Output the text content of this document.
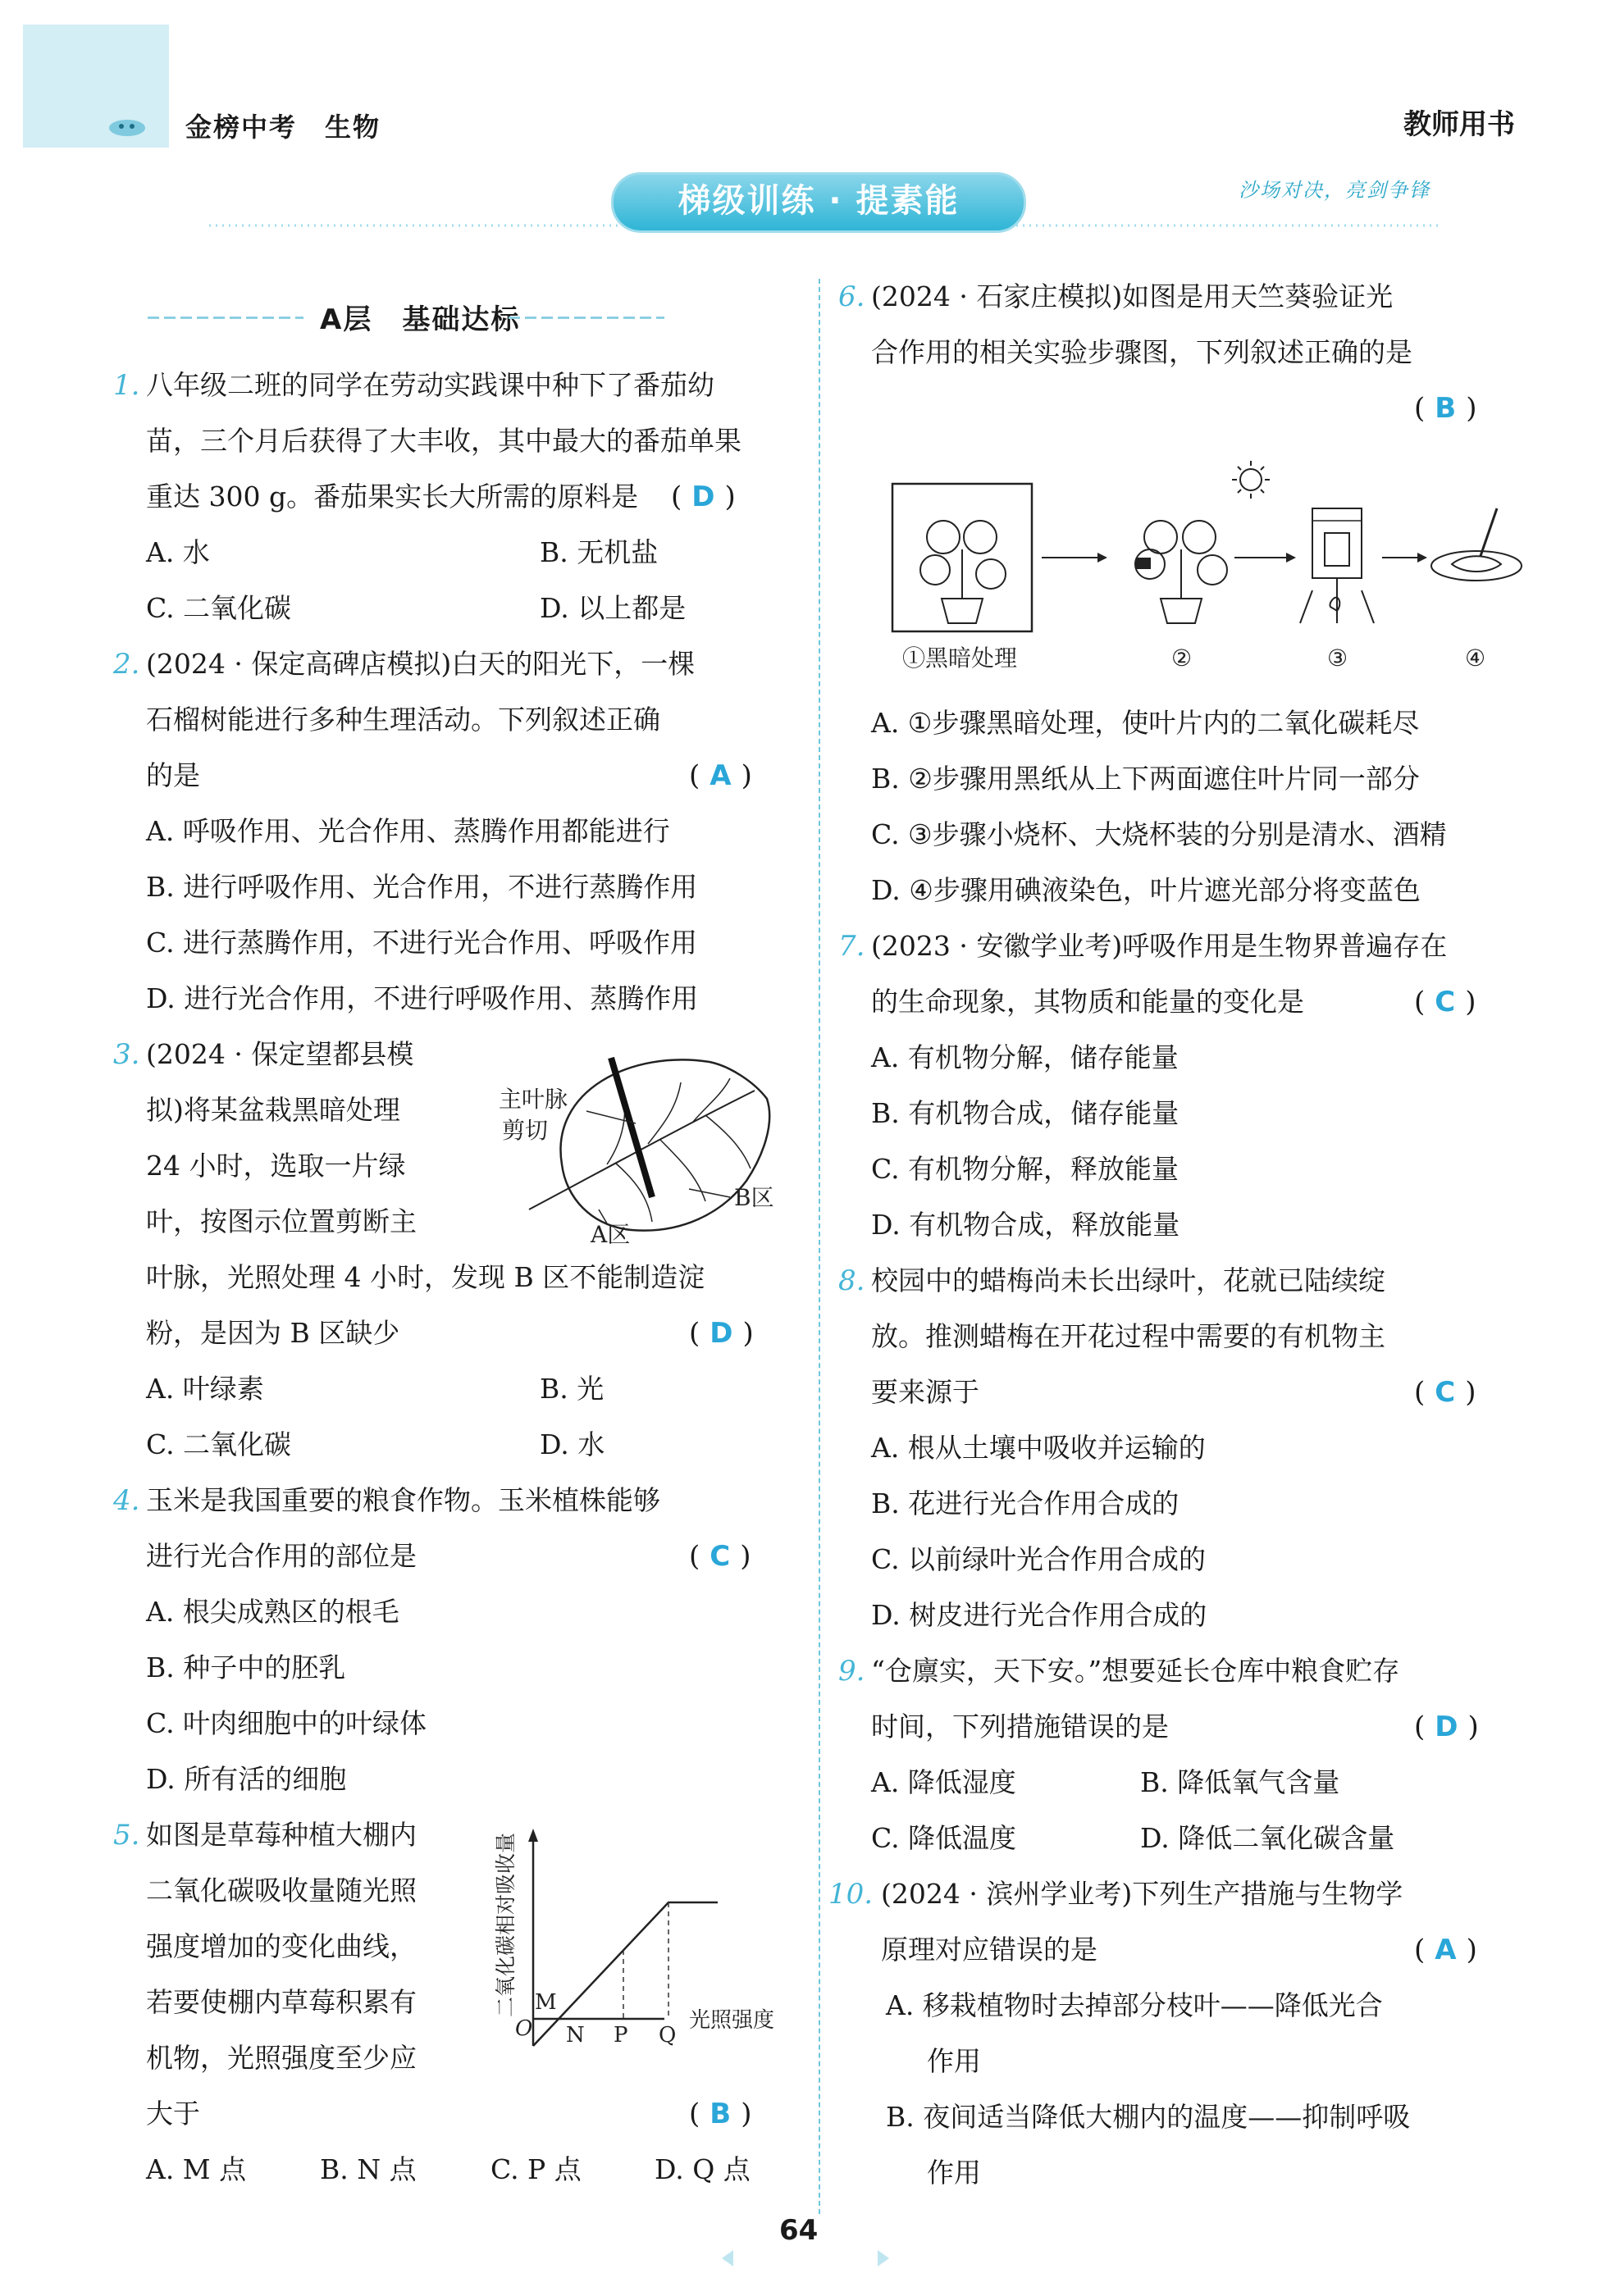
金榜中考　生物	教师用书
梯级训练 · 提素能	沙场对决，亮剑争锋
A层　基础达标
1. 八年级二班的同学在劳动实践课中种下了番茄幼
苗，三个月后获得了大丰收，其中最大的番茄单果
重达 300 g。番茄果实长大所需的原料是 ( D )
A. 水	B. 无机盐
C. 二氧化碳	D. 以上都是
2. (2024 · 保定高碑店模拟)白天的阳光下，一棵
石榴树能进行多种生理活动。下列叙述正确
的是	( A )
A. 呼吸作用、光合作用、蒸腾作用都能进行
B. 进行呼吸作用、光合作用，不进行蒸腾作用
C. 进行蒸腾作用，不进行光合作用、呼吸作用
D. 进行光合作用，不进行呼吸作用、蒸腾作用
3. (2024 · 保定望都县模
拟)将某盆栽黑暗处理
24 小时，选取一片绿
叶，按图示位置剪断主
叶脉，光照处理 4 小时，发现 B 区不能制造淀
粉，是因为 B 区缺少	( D )
A. 叶绿素	B. 光
C. 二氧化碳	D. 水
主叶脉
剪切
B区
A区
4. 玉米是我国重要的粮食作物。玉米植株能够
进行光合作用的部位是	( C )
A. 根尖成熟区的根毛
B. 种子中的胚乳
C. 叶肉细胞中的叶绿体
D. 所有活的细胞
5. 如图是草莓种植大棚内
二氧化碳吸收量随光照
强度增加的变化曲线，
若要使棚内草莓积累有
机物，光照强度至少应
大于	( B )
A. M 点	B. N 点	C. P 点	D. Q 点
二氧化碳相对吸收量
光照强度
O
M
N P Q
6. (2024 · 石家庄模拟)如图是用天竺葵验证光
合作用的相关实验步骤图，下列叙述正确的是
( B )
①黑暗处理	②	③	④
A. ①步骤黑暗处理，使叶片内的二氧化碳耗尽
B. ②步骤用黑纸从上下两面遮住叶片同一部分
C. ③步骤小烧杯、大烧杯装的分别是清水、酒精
D. ④步骤用碘液染色，叶片遮光部分将变蓝色
7. (2023 · 安徽学业考)呼吸作用是生物界普遍存在
的生命现象，其物质和能量的变化是	( C )
A. 有机物分解，储存能量
B. 有机物合成，储存能量
C. 有机物分解，释放能量
D. 有机物合成，释放能量
8. 校园中的蜡梅尚未长出绿叶，花就已陆续绽
放。推测蜡梅在开花过程中需要的有机物主
要来源于	( C )
A. 根从土壤中吸收并运输的
B. 花进行光合作用合成的
C. 以前绿叶光合作用合成的
D. 树皮进行光合作用合成的
9. “仓廪实，天下安。”想要延长仓库中粮食贮存
时间，下列措施错误的是	( D )
A. 降低湿度	B. 降低氧气含量
C. 降低温度	D. 降低二氧化碳含量
10. (2024 · 滨州学业考)下列生产措施与生物学
原理对应错误的是	( A )
A. 移栽植物时去掉部分枝叶——降低光合
作用
B. 夜间适当降低大棚内的温度——抑制呼吸
作用
64
